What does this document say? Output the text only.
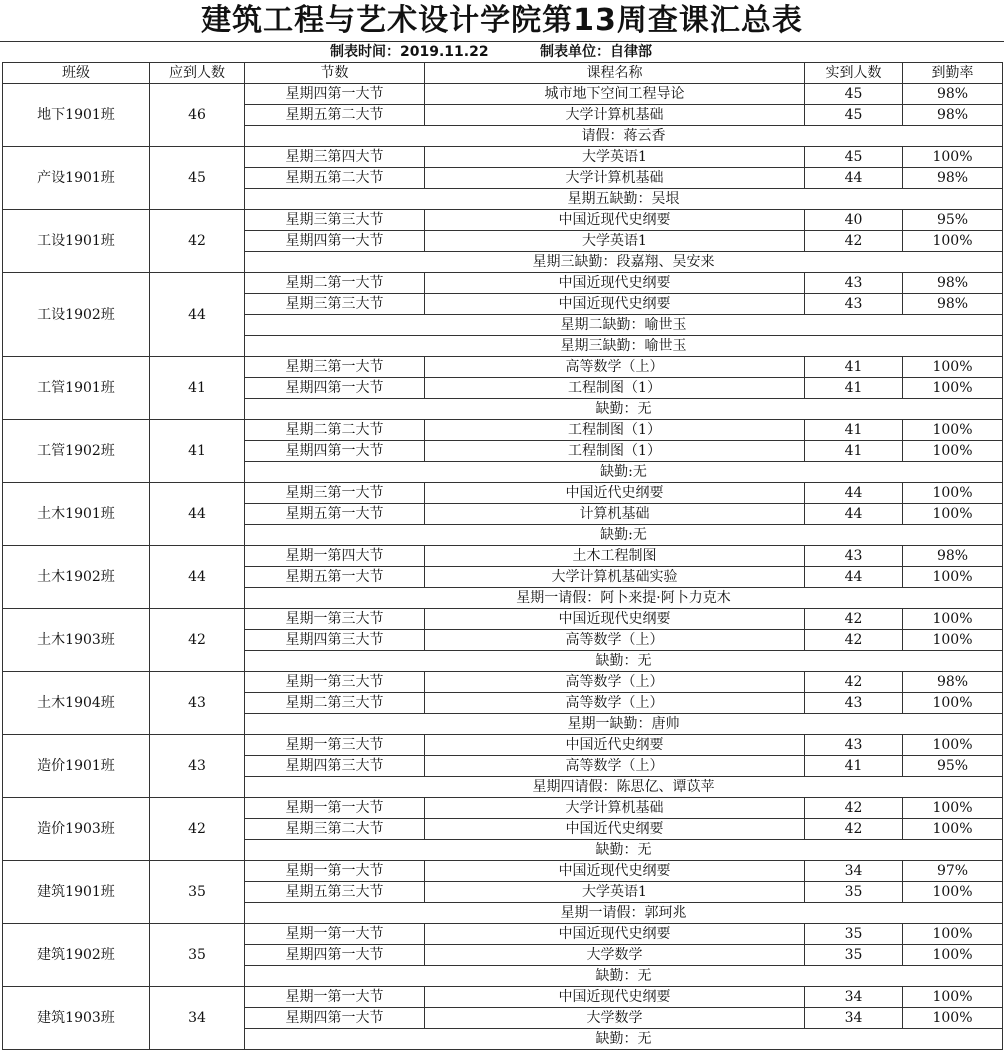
建筑工程与艺术设计学院第13周查课汇总表
制表时间：2019.11.22	制表单位：自律部
班级	应到人数	节数	课程名称	实到人数	到勤率
地下1901班	46	星期四第一大节	城市地下空间工程导论	45	98%
		星期五第二大节	大学计算机基础	45	98%
		请假：蒋云香			
产设1901班	45	星期三第四大节	大学英语1	45	100%
		星期五第二大节	大学计算机基础	44	98%
		星期五缺勤：吴垠			
工设1901班	42	星期三第三大节	中国近现代史纲要	40	95%
		星期四第一大节	大学英语1	42	100%
		星期三缺勤：段嘉翔、吴安来			
工设1902班	44	星期二第一大节	中国近现代史纲要	43	98%
		星期三第三大节	中国近现代史纲要	43	98%
		星期二缺勤：喻世玉			
		星期三缺勤：喻世玉			
工管1901班	41	星期三第一大节	高等数学（上）	41	100%
		星期四第一大节	工程制图（1）	41	100%
		缺勤：无			
工管1902班	41	星期二第二大节	工程制图（1）	41	100%
		星期四第一大节	工程制图（1）	41	100%
		缺勤:无			
土木1901班	44	星期三第一大节	中国近代史纲要	44	100%
		星期五第一大节	计算机基础	44	100%
		缺勤:无			
土木1902班	44	星期一第四大节	土木工程制图	43	98%
		星期五第一大节	大学计算机基础实验	44	100%
		星期一请假：阿卜来提·阿卜力克木			
土木1903班	42	星期一第三大节	中国近现代史纲要	42	100%
		星期四第三大节	高等数学（上）	42	100%
		缺勤：无			
土木1904班	43	星期一第三大节	高等数学（上）	42	98%
		星期二第三大节	高等数学（上）	43	100%
		星期一缺勤：唐帅			
造价1901班	43	星期一第三大节	中国近代史纲要	43	100%
		星期四第三大节	高等数学（上）	41	95%
		星期四请假：陈思亿、谭苡苹			
造价1903班	42	星期一第一大节	大学计算机基础	42	100%
		星期三第二大节	中国近代史纲要	42	100%
		缺勤：无			
建筑1901班	35	星期一第一大节	中国近现代史纲要	34	97%
		星期五第三大节	大学英语1	35	100%
		星期一请假：郭珂兆			
建筑1902班	35	星期一第一大节	中国近现代史纲要	35	100%
		星期四第一大节	大学数学	35	100%
		缺勤：无			
建筑1903班	34	星期一第一大节	中国近现代史纲要	34	100%
		星期四第一大节	大学数学	34	100%
		缺勤：无			
